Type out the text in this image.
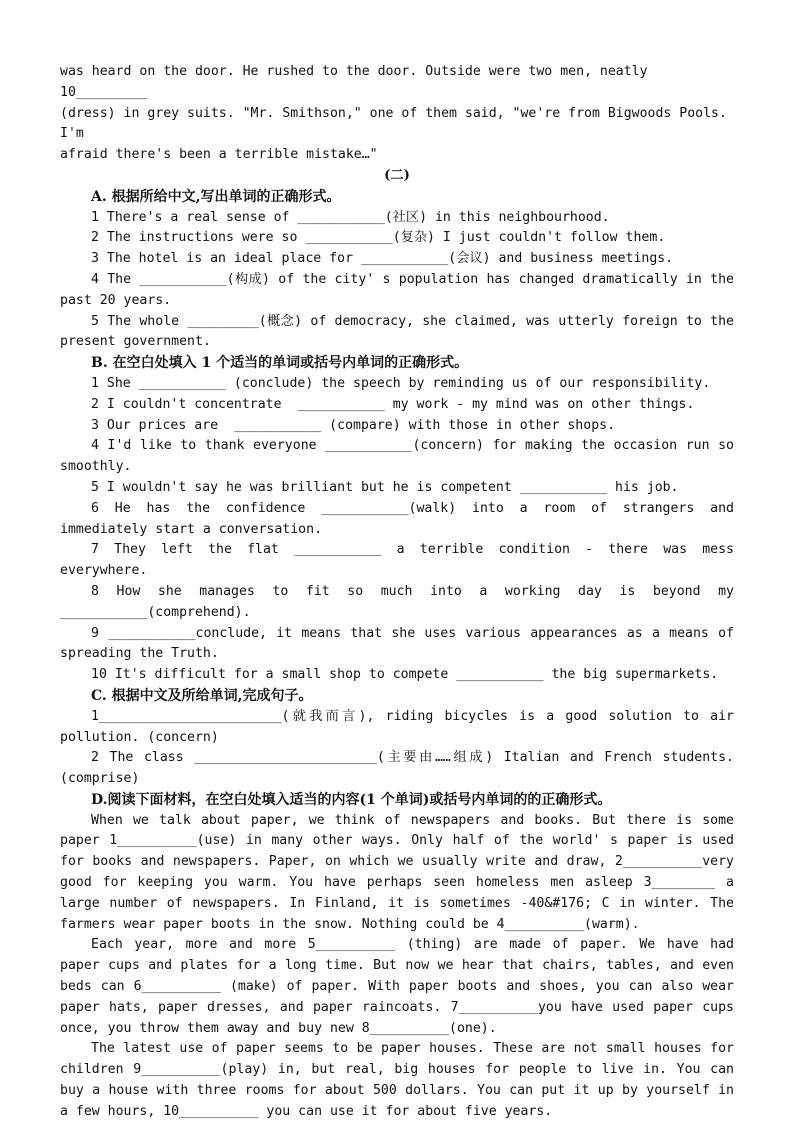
was heard on the door. He rushed to the door. Outside were two men, neatly 10_________

(dress) in grey suits. "Mr. Smithson," one of them said, "we're from Bigwoods Pools. I'm

afraid there's been a terrible mistake…"

(二)

A. 根据所给中文,写出单词的正确形式。

1 There's a real sense of ___________(社区) in this neighbourhood.

2 The instructions were so ___________(复杂) I just couldn't follow them.

3 The hotel is an ideal place for ___________(会议) and business meetings.

4 The ___________(构成) of the city' s population has changed dramatically in the past 20 years.

5 The whole _________(概念) of democracy, she claimed, was utterly foreign to the present government.

B. 在空白处填入 1 个适当的单词或括号内单词的正确形式。

1 She ___________ (conclude) the speech by reminding us of our responsibility.

2 I couldn't concentrate  ___________ my work - my mind was on other things.

3 Our prices are  ___________ (compare) with those in other shops.

4 I'd like to thank everyone ___________(concern) for making the occasion run so smoothly.

5 I wouldn't say he was brilliant but he is competent ___________ his job.

6 He has the confidence ___________(walk) into a room of strangers and immediately start a conversation.

7 They left the flat ___________ a terrible condition - there was mess everywhere.

8 How she manages to fit so much into a working day is beyond my ___________(comprehend).

9 ___________conclude, it means that she uses various appearances as a means of spreading the Truth.

10 It's difficult for a small shop to compete ___________ the big supermarkets.

C. 根据中文及所给单词,完成句子。

1_______________________(就我而言), riding bicycles is a good solution to air pollution. (concern)

2 The class _______________________(主要由……组成) Italian and French students. (comprise)

D.阅读下面材料，在空白处填入适当的内容(1 个单词)或括号内单词的的正确形式。

When we talk about paper, we think of newspapers and books. But there is some paper 1__________(use) in many other ways. Only half of the world' s paper is used for books and newspapers. Paper, on which we usually write and draw, 2__________very good for keeping you warm. You have perhaps seen homeless men asleep 3________ a large number of newspapers. In Finland, it is sometimes -40&#176; C in winter. The farmers wear paper boots in the snow. Nothing could be 4__________(warm).

Each year, more and more 5__________ (thing) are made of paper. We have had paper cups and plates for a long time. But now we hear that chairs, tables, and even beds can 6__________ (make) of paper. With paper boots and shoes, you can also wear paper hats, paper dresses, and paper raincoats. 7__________you have used paper cups once, you throw them away and buy new 8__________(one).

The latest use of paper seems to be paper houses. These are not small houses for children 9__________(play) in, but real, big houses for people to live in. You can buy a house with three rooms for about 500 dollars. You can put it up by yourself in a few hours, 10__________ you can use it for about five years.
